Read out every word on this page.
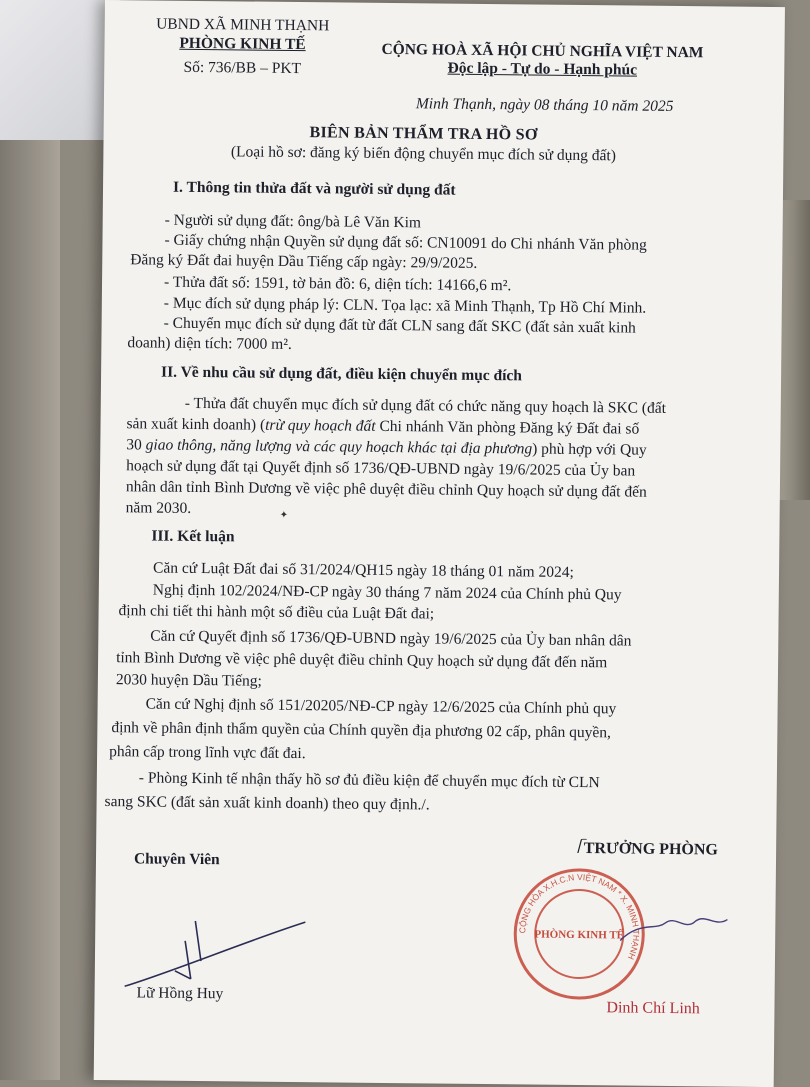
UBND XÃ MINH THẠNH
PHÒNG KINH TẾ
Số: 736/BB – PKT
CỘNG HOÀ XÃ HỘI CHỦ NGHĨA VIỆT NAM
Độc lập - Tự do - Hạnh phúc
Minh Thạnh, ngày 08 tháng 10 năm 2025
BIÊN BẢN THẨM TRA HỒ SƠ
(Loại hồ sơ: đăng ký biến động chuyển mục đích sử dụng đất)
I. Thông tin thửa đất và người sử dụng đất
- Người sử dụng đất: ông/bà Lê Văn Kim
- Giấy chứng nhận Quyền sử dụng đất số: CN10091 do Chi nhánh Văn phòng
Đăng ký Đất đai huyện Dầu Tiếng cấp ngày: 29/9/2025.
- Thửa đất số: 1591, tờ bản đồ: 6, diện tích: 14166,6 m².
- Mục đích sử dụng pháp lý: CLN. Tọa lạc: xã Minh Thạnh, Tp Hồ Chí Minh.
- Chuyển mục đích sử dụng đất từ đất CLN sang đất SKC (đất sản xuất kinh
doanh) diện tích: 7000 m².
II. Về nhu cầu sử dụng đất, điều kiện chuyển mục đích
- Thửa đất chuyển mục đích sử dụng đất có chức năng quy hoạch là SKC (đất
sản xuất kinh doanh) (trừ quy hoạch đất Chi nhánh Văn phòng Đăng ký Đất đai số
30 giao thông, năng lượng và các quy hoạch khác tại địa phương) phù hợp với Quy
hoạch sử dụng đất tại Quyết định số 1736/QĐ-UBND ngày 19/6/2025 của Ủy ban
nhân dân tỉnh Bình Dương về việc phê duyệt điều chỉnh Quy hoạch sử dụng đất đến
năm 2030.	✦
III. Kết luận
Căn cứ Luật Đất đai số 31/2024/QH15 ngày 18 tháng 01 năm 2024;
Nghị định 102/2024/NĐ-CP ngày 30 tháng 7 năm 2024 của Chính phủ Quy
định chi tiết thi hành một số điều của Luật Đất đai;
Căn cứ Quyết định số 1736/QĐ-UBND ngày 19/6/2025 của Ủy ban nhân dân
tỉnh Bình Dương về việc phê duyệt điều chỉnh Quy hoạch sử dụng đất đến năm
2030 huyện Dầu Tiếng;
Căn cứ Nghị định số 151/20205/NĐ-CP ngày 12/6/2025 của Chính phủ quy
định về phân định thẩm quyền của Chính quyền địa phương 02 cấp, phân quyền,
phân cấp trong lĩnh vực đất đai.
- Phòng Kinh tế nhận thấy hồ sơ đủ điều kiện để chuyển mục đích từ CLN
sang SKC (đất sản xuất kinh doanh) theo quy định./.
Chuyên Viên
Lữ Hồng Huy
ᥬ TRƯỞNG PHÒNG
CỘNG HÒA X.H.C.N VIỆT NAM * X. MINH THẠNH
PHÒNG KINH TẾ
Dinh Chí Linh
